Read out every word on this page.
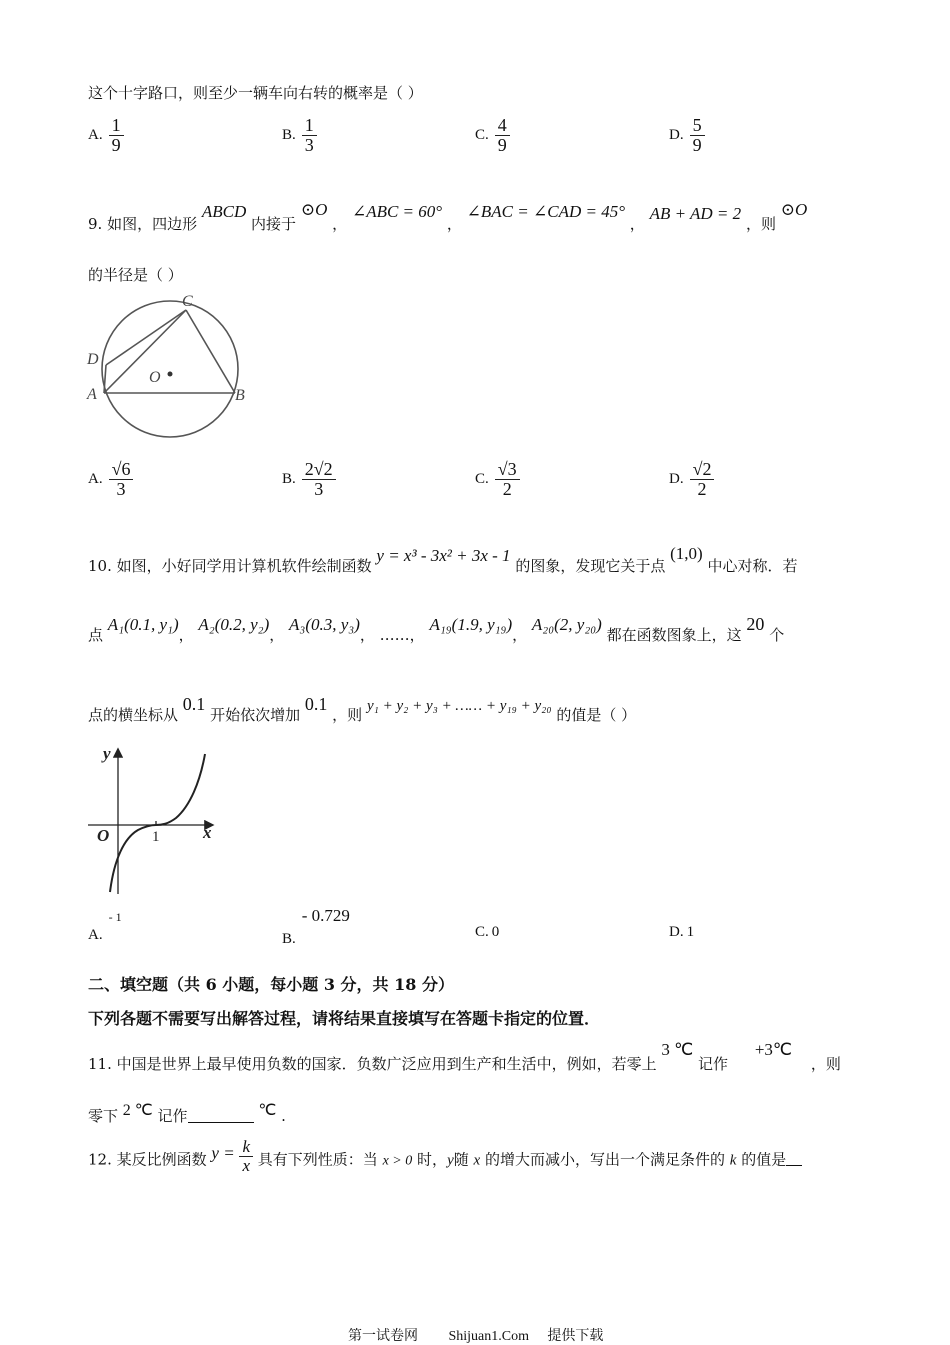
这个十字路口，则至少一辆车向右转的概率是（ ）
A. $\frac{1}{9}$	B. $\frac{1}{3}$	C. $\frac{4}{9}$	D. $\frac{5}{9}$
9. 如图，四边形 ABCD 内接于 ⊙O ， ∠ABC = 60° ， ∠BAC = ∠CAD = 45° ， AB + AD = 2 ，则 ⊙O
的半径是（ ）
C
D
A
O
B
A. $\frac{√6}{3}$	B. $\frac{2√2}{3}$	C. $\frac{√3}{2}$	D. $\frac{√2}{2}$
10. 如图，小好同学用计算机软件绘制函数 y = x³ - 3x² + 3x - 1 的图象，发现它关于点 (1,0) 中心对称．若
点 A₁(0.1, y₁)， A₂(0.2, y₂)， A₃(0.3, y₃)， ……， A₁₉(1.9, y₁₉)， A₂₀(2, y₂₀) 都在函数图象上，这 20 个
点的横坐标从 0.1 开始依次增加 0.1 ，则 y₁ + y₂ + y₃ + …… + y₁₉ + y₂₀ 的值是（ ）
y
x
O	1
A.$^{- 1}$
B.- 0.729
C. 0	D. 1
二、填空题（共 6 小题，每小题 3 分，共 18 分）
下列各题不需要写出解答过程，请将结果直接填写在答题卡指定的位置．
11. 中国是世界上最早使用负数的国家．负数广泛应用到生产和生活中，例如，若零上 3 ℃ 记作 +3℃ ，则
零下 2 ℃ 记作	℃ .
12. 某反比例函数 $y = \frac{k}{x}$ 具有下列性质：当 x > 0 时，y随 x 的增大而减小，写出一个满足条件的 k 的值是
第一试卷网 Shijuan1.Com 提供下载
